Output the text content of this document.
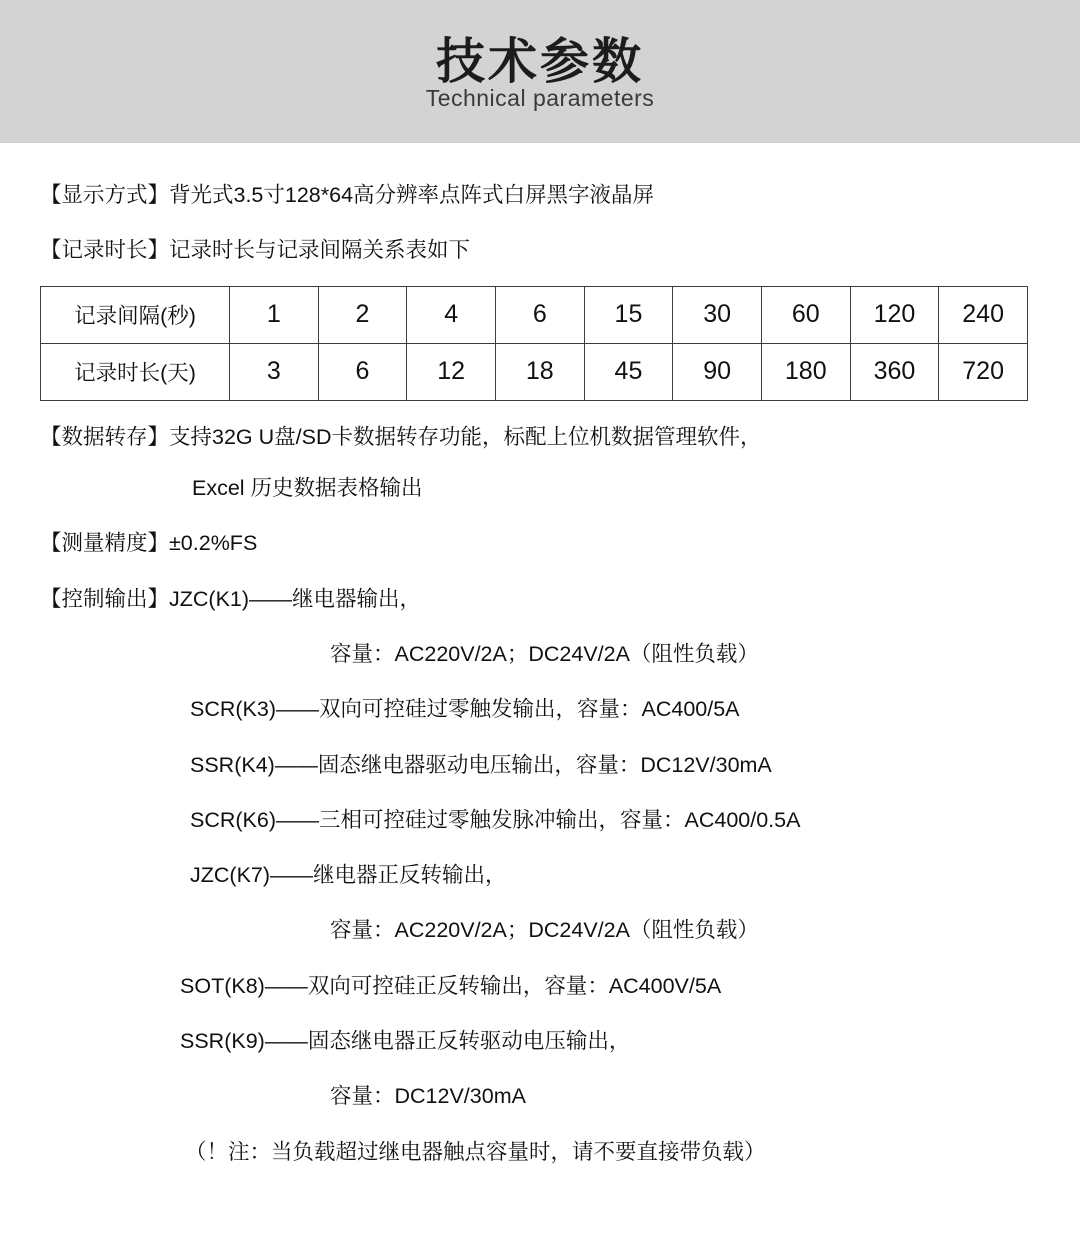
技术参数
Technical parameters

【显示方式】背光式3.5寸128*64高分辨率点阵式白屏黑字液晶屏

【记录时长】记录时长与记录间隔关系表如下

记录间隔(秒)	1	2	4	6	15	30	60	120	240
记录时长(天)	3	6	12	18	45	90	180	360	720

【数据转存】支持32G U盘/SD卡数据转存功能，标配上位机数据管理软件，

Excel 历史数据表格输出

【测量精度】±0.2%FS

【控制输出】JZC(K1)——继电器输出，

容量：AC220V/2A；DC24V/2A（阻性负载）

SCR(K3)——双向可控硅过零触发输出，容量：AC400/5A

SSR(K4)——固态继电器驱动电压输出，容量：DC12V/30mA

SCR(K6)——三相可控硅过零触发脉冲输出，容量：AC400/0.5A

JZC(K7)——继电器正反转输出，

容量：AC220V/2A；DC24V/2A（阻性负载）

SOT(K8)——双向可控硅正反转输出，容量：AC400V/5A

SSR(K9)——固态继电器正反转驱动电压输出，

容量：DC12V/30mA

（！注：当负载超过继电器触点容量时，请不要直接带负载）
